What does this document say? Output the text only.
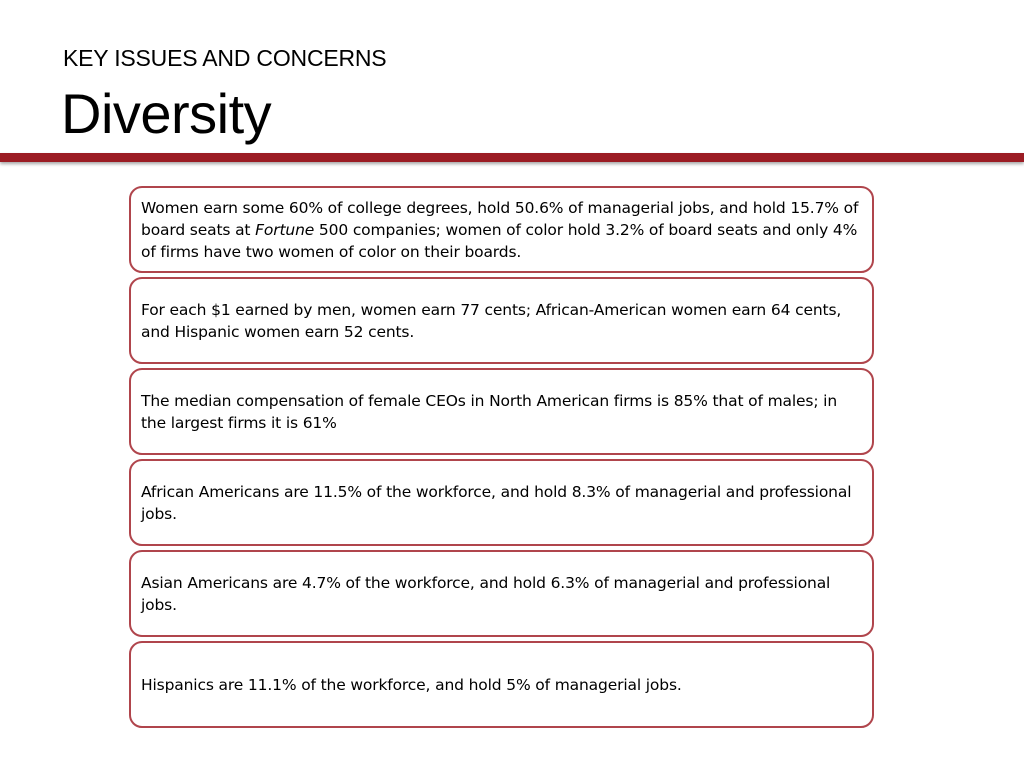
KEY ISSUES AND CONCERNS
Diversity

Women earn some 60% of college degrees, hold 50.6% of managerial jobs, and hold 15.7% of board seats at Fortune 500 companies; women of color hold 3.2% of board seats and only 4% of firms have two women of color on their boards.

For each $1 earned by men, women earn 77 cents; African-American women earn 64 cents, and Hispanic women earn 52 cents.

The median compensation of female CEOs in North American firms is 85% that of males; in the largest firms it is 61%

African Americans are 11.5% of the workforce, and hold 8.3% of managerial and professional jobs.

Asian Americans are 4.7% of the workforce, and hold 6.3% of managerial and professional jobs.

Hispanics are 11.1% of the workforce, and hold 5% of managerial jobs.
